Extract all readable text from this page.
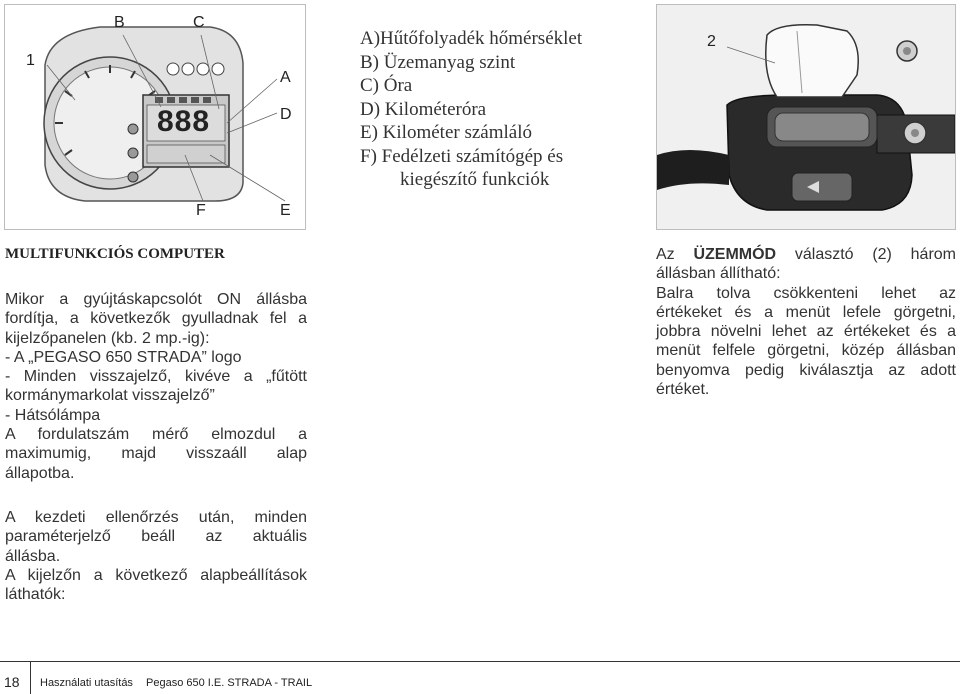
1
B	C
A
D
F	E
888
A)Hűtőfolyadék hőmérséklet
B) Üzemanyag szint
C) Óra
D) Kilométeróra
E) Kilométer számláló
F) Fedélzeti számítógép és
kiegészítő funkciók
2
MULTIFUNKCIÓS COMPUTER

Mikor a gyújtáskapcsolót ON állásba

fordítja, a következők gyulladnak fel a

kijelzőpanelen (kb. 2 mp.-ig):

- A „PEGASO 650 STRADA” logo

- Minden visszajelző, kivéve a „fűtött

kormánymarkolat visszajelző”

- Hátsólámpa

A fordulatszám mérő elmozdul a

maximumig, majd visszaáll alap

állapotba.

A kezdeti ellenőrzés után, minden

paraméterjelző beáll az aktuális

állásba.

A kijelzőn a következő alapbeállítások

láthatók:

Az ÜZEMMÓD választó (2) három

állásban állítható:

Balra tolva csökkenteni lehet az

értékeket és a menüt lefele görgetni,

jobbra növelni lehet az értékeket és a

menüt felfele görgetni, közép állásban

benyomva pedig kiválasztja az adott

értéket.

18 Használati utasítás Pegaso 650 I.E. STRADA - TRAIL
